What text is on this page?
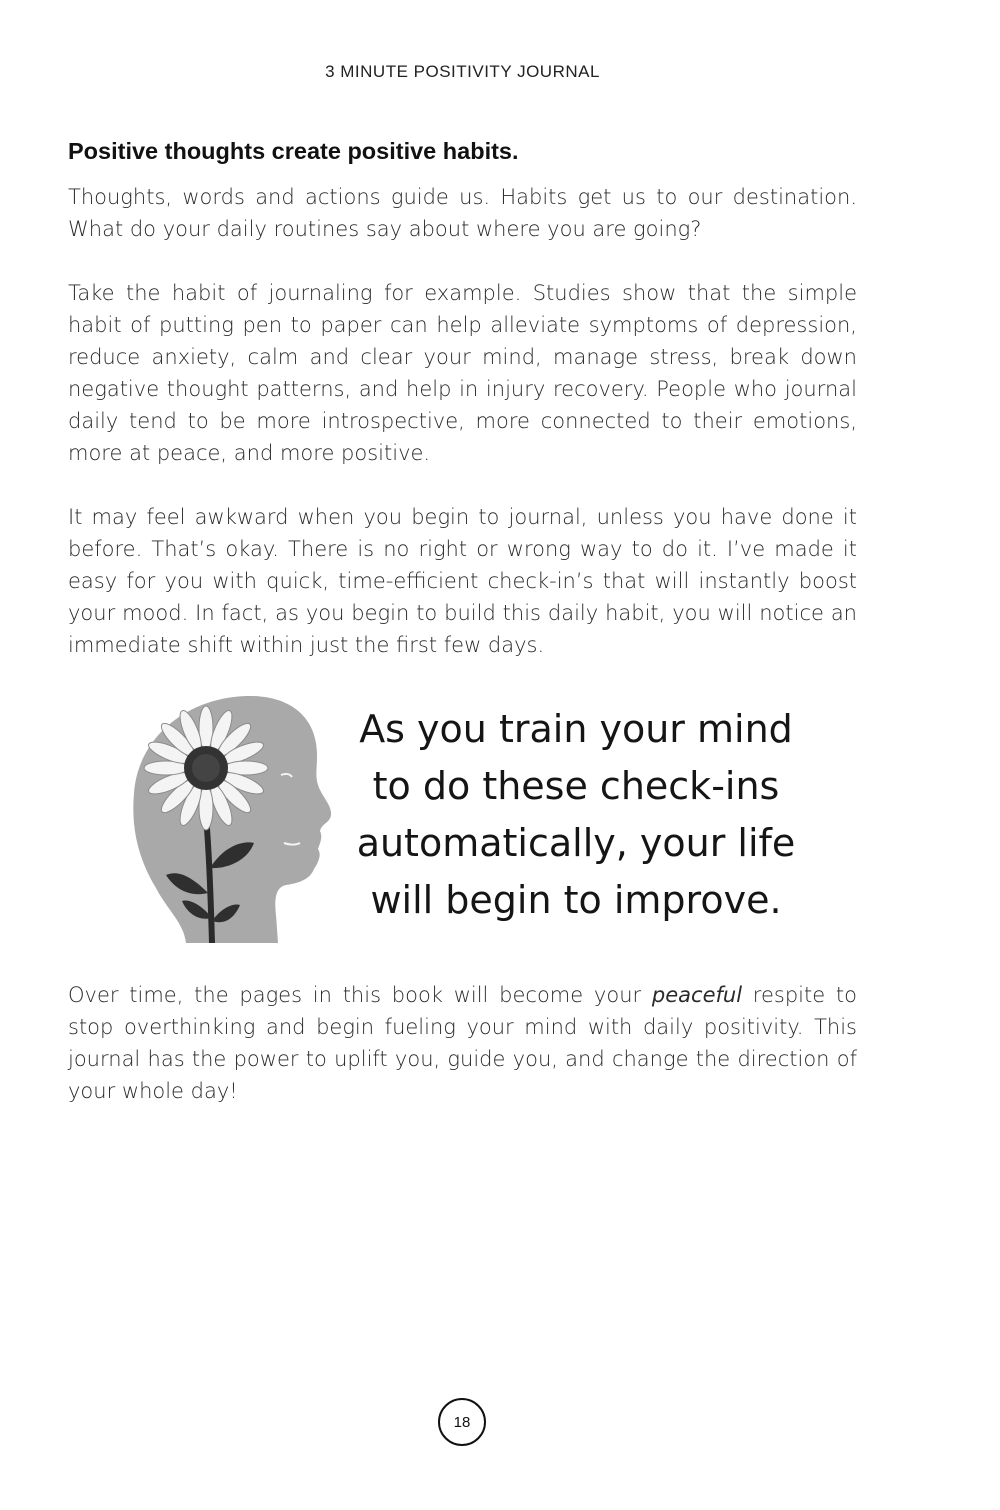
3 MINUTE POSITIVITY JOURNAL
Positive thoughts create positive habits.

Thoughts, words and actions guide us. Habits get us to our destination. What do your daily routines say about where you are going?

Take the habit of journaling for example. Studies show that the simple habit of putting pen to paper can help alleviate symptoms of depression, reduce anxiety, calm and clear your mind, manage stress, break down negative thought patterns, and help in injury recovery. People who journal daily tend to be more introspective, more connected to their emotions, more at peace, and more positive.

It may feel awkward when you begin to journal, unless you have done it before. That’s okay. There is no right or wrong way to do it. I’ve made it easy for you with quick, time-efficient check-in’s that will instantly boost your mood. In fact, as you begin to build this daily habit, you will notice an immediate shift within just the first few days.

As you train your mind
to do these check-ins
automatically, your life
will begin to improve.

Over time, the pages in this book will become your peaceful respite to stop overthinking and begin fueling your mind with daily positivity. This journal has the power to uplift you, guide you, and change the direction of your whole day!

18
